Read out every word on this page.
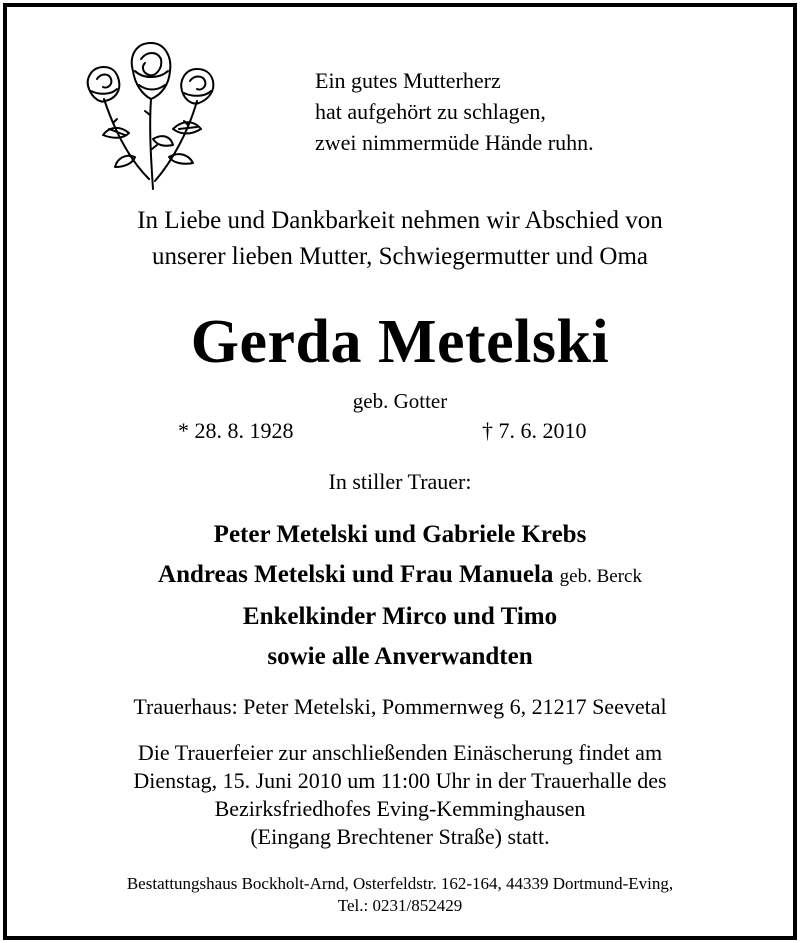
Ein gutes Mutterherz
hat aufgehört zu schlagen,
zwei nimmermüde Hände ruhn.
In Liebe und Dankbarkeit nehmen wir Abschied von
unserer lieben Mutter, Schwiegermutter und Oma
Gerda Metelski
geb. Gotter
* 28. 8. 1928	† 7. 6. 2010
In stiller Trauer:
Peter Metelski und Gabriele Krebs
Andreas Metelski und Frau Manuela geb. Berck
Enkelkinder Mirco und Timo
sowie alle Anverwandten
Trauerhaus: Peter Metelski, Pommernweg 6, 21217 Seevetal
Die Trauerfeier zur anschließenden Einäscherung findet am
Dienstag, 15. Juni 2010 um 11:00 Uhr in der Trauerhalle des
Bezirksfriedhofes Eving-Kemminghausen
(Eingang Brechtener Straße) statt.
Bestattungshaus Bockholt-Arnd, Osterfeldstr. 162-164, 44339 Dortmund-Eving,
Tel.: 0231/852429
